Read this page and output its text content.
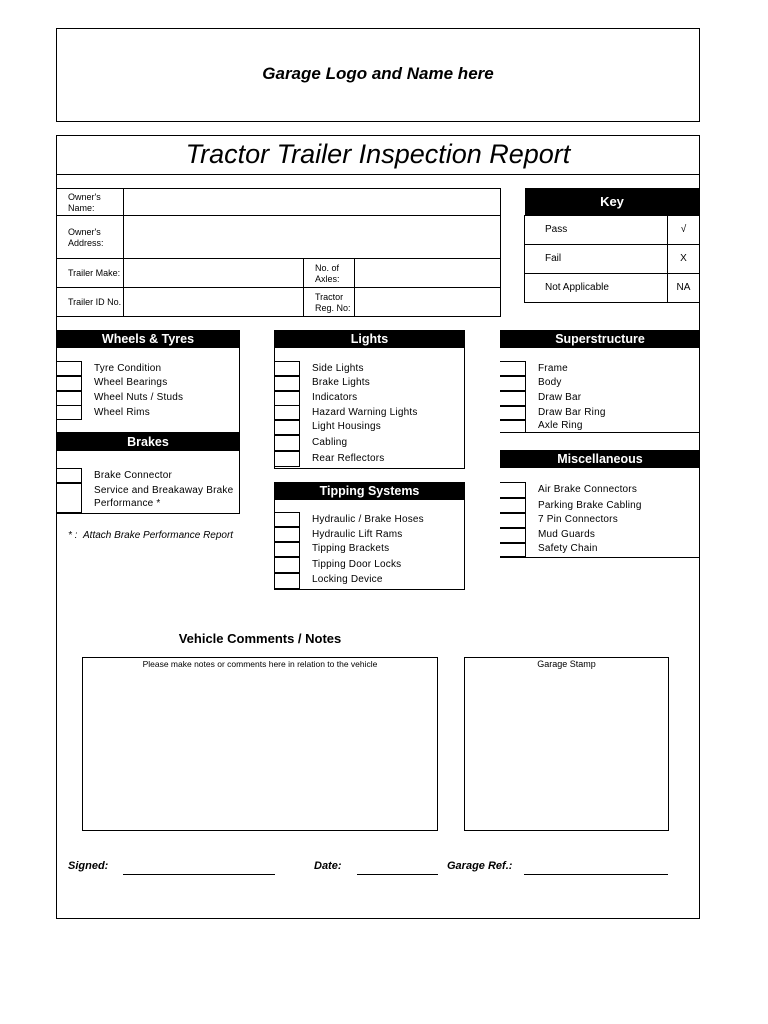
Garage Logo and Name here
Tractor Trailer Inspection Report
Owner's Name:			
Owner's Address:			
Trailer Make:		No. of Axles:	
Trailer ID No.		Tractor Reg. No:	
Key	
Pass	√
Fail	X
Not Applicable	NA
Wheels & Tyres
Tyre Condition
Wheel Bearings
Wheel Nuts / Studs
Wheel Rims
Brakes
Brake Connector
Service and Breakaway Brake
Performance *
* : Attach Brake Performance Report
Lights
Side Lights
Brake Lights
Indicators
Hazard Warning Lights
Light Housings
Cabling
Rear Reflectors
Tipping Systems
Hydraulic / Brake Hoses
Hydraulic Lift Rams
Tipping Brackets
Tipping Door Locks
Locking Device
Superstructure
Frame
Body
Draw Bar
Draw Bar Ring
Axle Ring
Miscellaneous
Air Brake Connectors
Parking Brake Cabling
7 Pin Connectors
Mud Guards
Safety Chain
Vehicle Comments / Notes
Please make notes or comments here in relation to the vehicle	Garage Stamp
Signed:	Date:	Garage Ref.:
